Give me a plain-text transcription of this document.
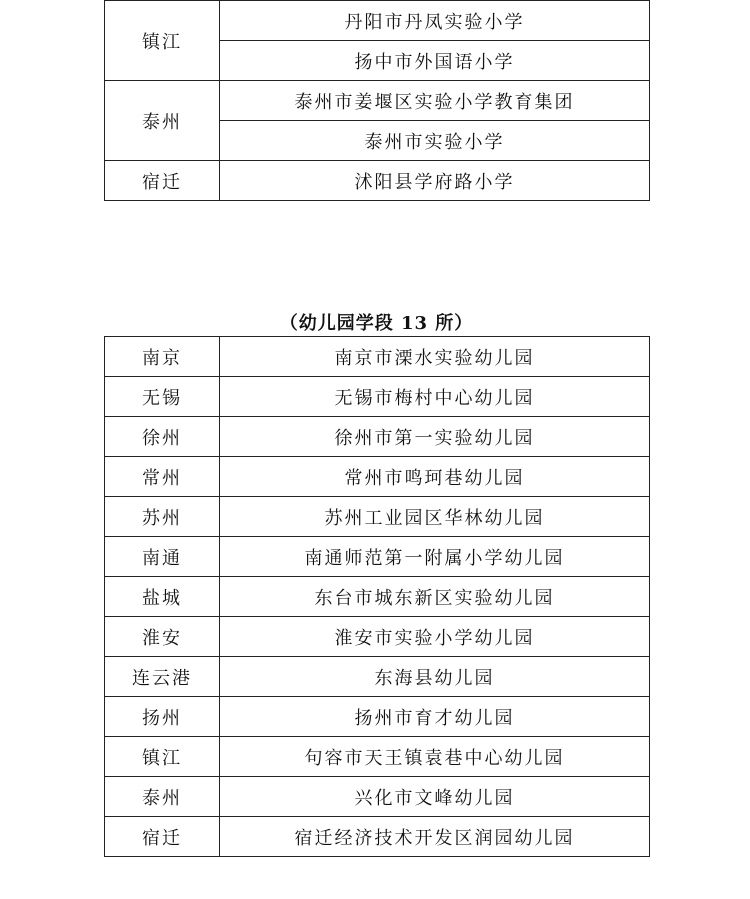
镇江	丹阳市丹凤实验小学
	扬中市外国语小学
泰州	泰州市姜堰区实验小学教育集团
	泰州市实验小学
宿迁	沭阳县学府路小学
（幼儿园学段 13 所）
南京	南京市溧水实验幼儿园
无锡	无锡市梅村中心幼儿园
徐州	徐州市第一实验幼儿园
常州	常州市鸣珂巷幼儿园
苏州	苏州工业园区华林幼儿园
南通	南通师范第一附属小学幼儿园
盐城	东台市城东新区实验幼儿园
淮安	淮安市实验小学幼儿园
连云港	东海县幼儿园
扬州	扬州市育才幼儿园
镇江	句容市天王镇袁巷中心幼儿园
泰州	兴化市文峰幼儿园
宿迁	宿迁经济技术开发区润园幼儿园
